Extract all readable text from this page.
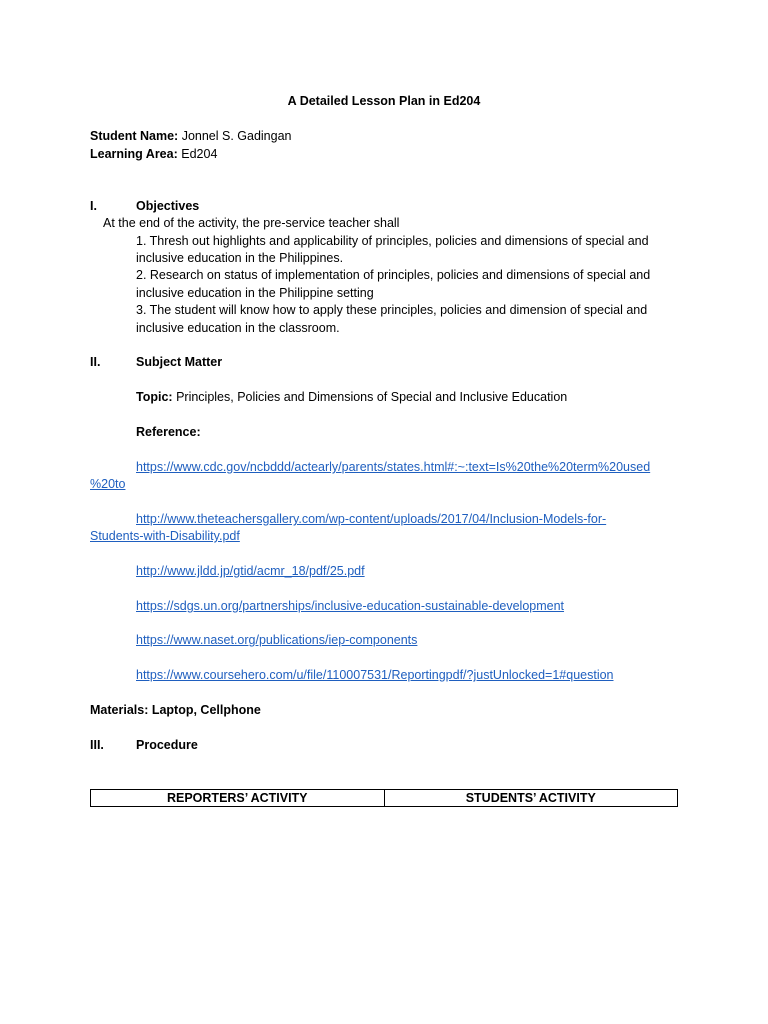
A Detailed Lesson Plan in Ed204
Student Name: Jonnel S. Gadingan
Learning Area: Ed204
I.	Objectives
At the end of the activity, the pre-service teacher shall
1. Thresh out highlights and applicability of principles, policies and dimensions of special and
inclusive education in the Philippines.
2. Research on status of implementation of principles, policies and dimensions of special and
inclusive education in the Philippine setting
3. The student will know how to apply these principles, policies and dimension of special and
inclusive education in the classroom.
II.	Subject Matter
Topic: Principles, Policies and Dimensions of Special and Inclusive Education
Reference:
https://www.cdc.gov/ncbddd/actearly/parents/states.html#:~:text=Is%20the%20term%20used
%20to
http://www.theteachersgallery.com/wp-content/uploads/2017/04/Inclusion-Models-for-
Students-with-Disability.pdf
http://www.jldd.jp/gtid/acmr_18/pdf/25.pdf
https://sdgs.un.org/partnerships/inclusive-education-sustainable-development
https://www.naset.org/publications/iep-components
https://www.coursehero.com/u/file/110007531/Reportingpdf/?justUnlocked=1#question
Materials: Laptop, Cellphone
III.	Procedure
REPORTERS’ ACTIVITY	STUDENTS’ ACTIVITY
